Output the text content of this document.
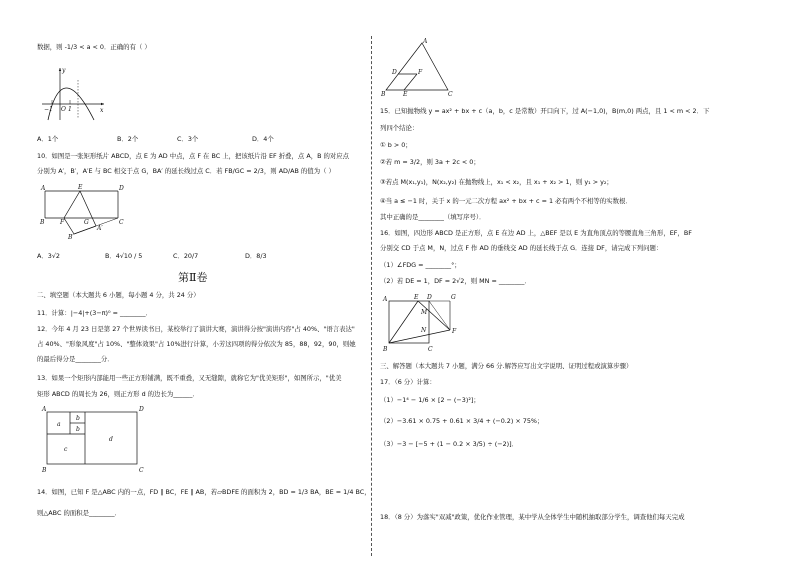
数据，则 -1/3 < a < 0．正确的有（ ）
y
x
O
−1	1
A．1个	B．2个	C．3个	D．4个
10．如图是一张矩形纸片 ABCD，点 E 为 AD 中点，点 F 在 BC 上，把该纸片沿 EF 折叠，点 A，B 的对应点
分别为 A′，B′，A′E 与 BC 相交于点 G，BA′ 的延长线过点 C．若 FB/GC = 2/3，则 AD/AB 的值为（ ）
A	E	D
B	F	G	C
B′
A′
A．3√2	B．4√10 / 5	C．20/7	D．8/3
第Ⅱ卷
二、填空题（本大题共 6 小题，每小题 4 分，共 24 分）
11．计算：|−4|+(3−π)⁰ = ________．
12．今年 4 月 23 日是第 27 个世界读书日，某校举行了演讲大赛，演讲得分按"演讲内容"占 40%、"语言表达"
占 40%、"形象风度"占 10%、"整体效果"占 10%进行计算，小芳这四项的得分依次为 85，88，92，90，则她
的最后得分是________分．
13．如果一个矩形内部能用一些正方形铺满，既不重叠，又无缝隙，就称它为"优美矩形"，如图所示，"优美
矩形 ABCD 的周长为 26，则正方形 d 的边长为______．
A	D
B	C
a
b
b
c
d
14．如图，已知 F 是△ABC 内的一点，FD ∥ BC，FE ∥ AB，若▱BDFE 的面积为 2，BD = 1/3 BA，BE = 1/4 BC，
则△ABC 的面积是________．
A
D	F
B	E	C
15．已知抛物线 y = ax² + bx + c（a，b，c 是常数）开口向下，过 A(−1,0)，B(m,0) 两点，且 1 < m < 2．下
列四个结论：
① b > 0；
②若 m = 3/2，则 3a + 2c < 0；
③若点 M(x₁,y₁)，N(x₂,y₂) 在抛物线上，x₁ < x₂，且 x₁ + x₂ > 1，则 y₁ > y₂；
④当 a ≤ −1 时，关于 x 的一元二次方程 ax² + bx + c = 1 必有两个不相等的实数根．
其中正确的是________（填写序号）．
16．如图，四边形 ABCD 是正方形，点 E 在边 AD 上，△BEF 是以 E 为直角顶点的等腰直角三角形，EF，BF
分别交 CD 于点 M，N，过点 F 作 AD 的垂线交 AD 的延长线于点 G．连接 DF，请完成下列问题：
（1）∠FDG = ________°；
（2）若 DE = 1，DF = 2√2，则 MN = ________．
A	E D	G
M
N	F
B	C
三、解答题（本大题共 7 小题，满分 66 分.解答应写出文字说明、证明过程或演算步骤）
17．（6 分）计算：
（1）−1⁴ − 1/6 × [2 − (−3)²]；
（2）−3.61 × 0.75 + 0.61 × 3/4 + (−0.2) × 75%；
（3）−3 − [−5 + (1 − 0.2 × 3/5) ÷ (−2)]．
18．（8 分）为落实"双减"政策，优化作业管理，某中学从全体学生中随机抽取部分学生，调查他们每天完成
